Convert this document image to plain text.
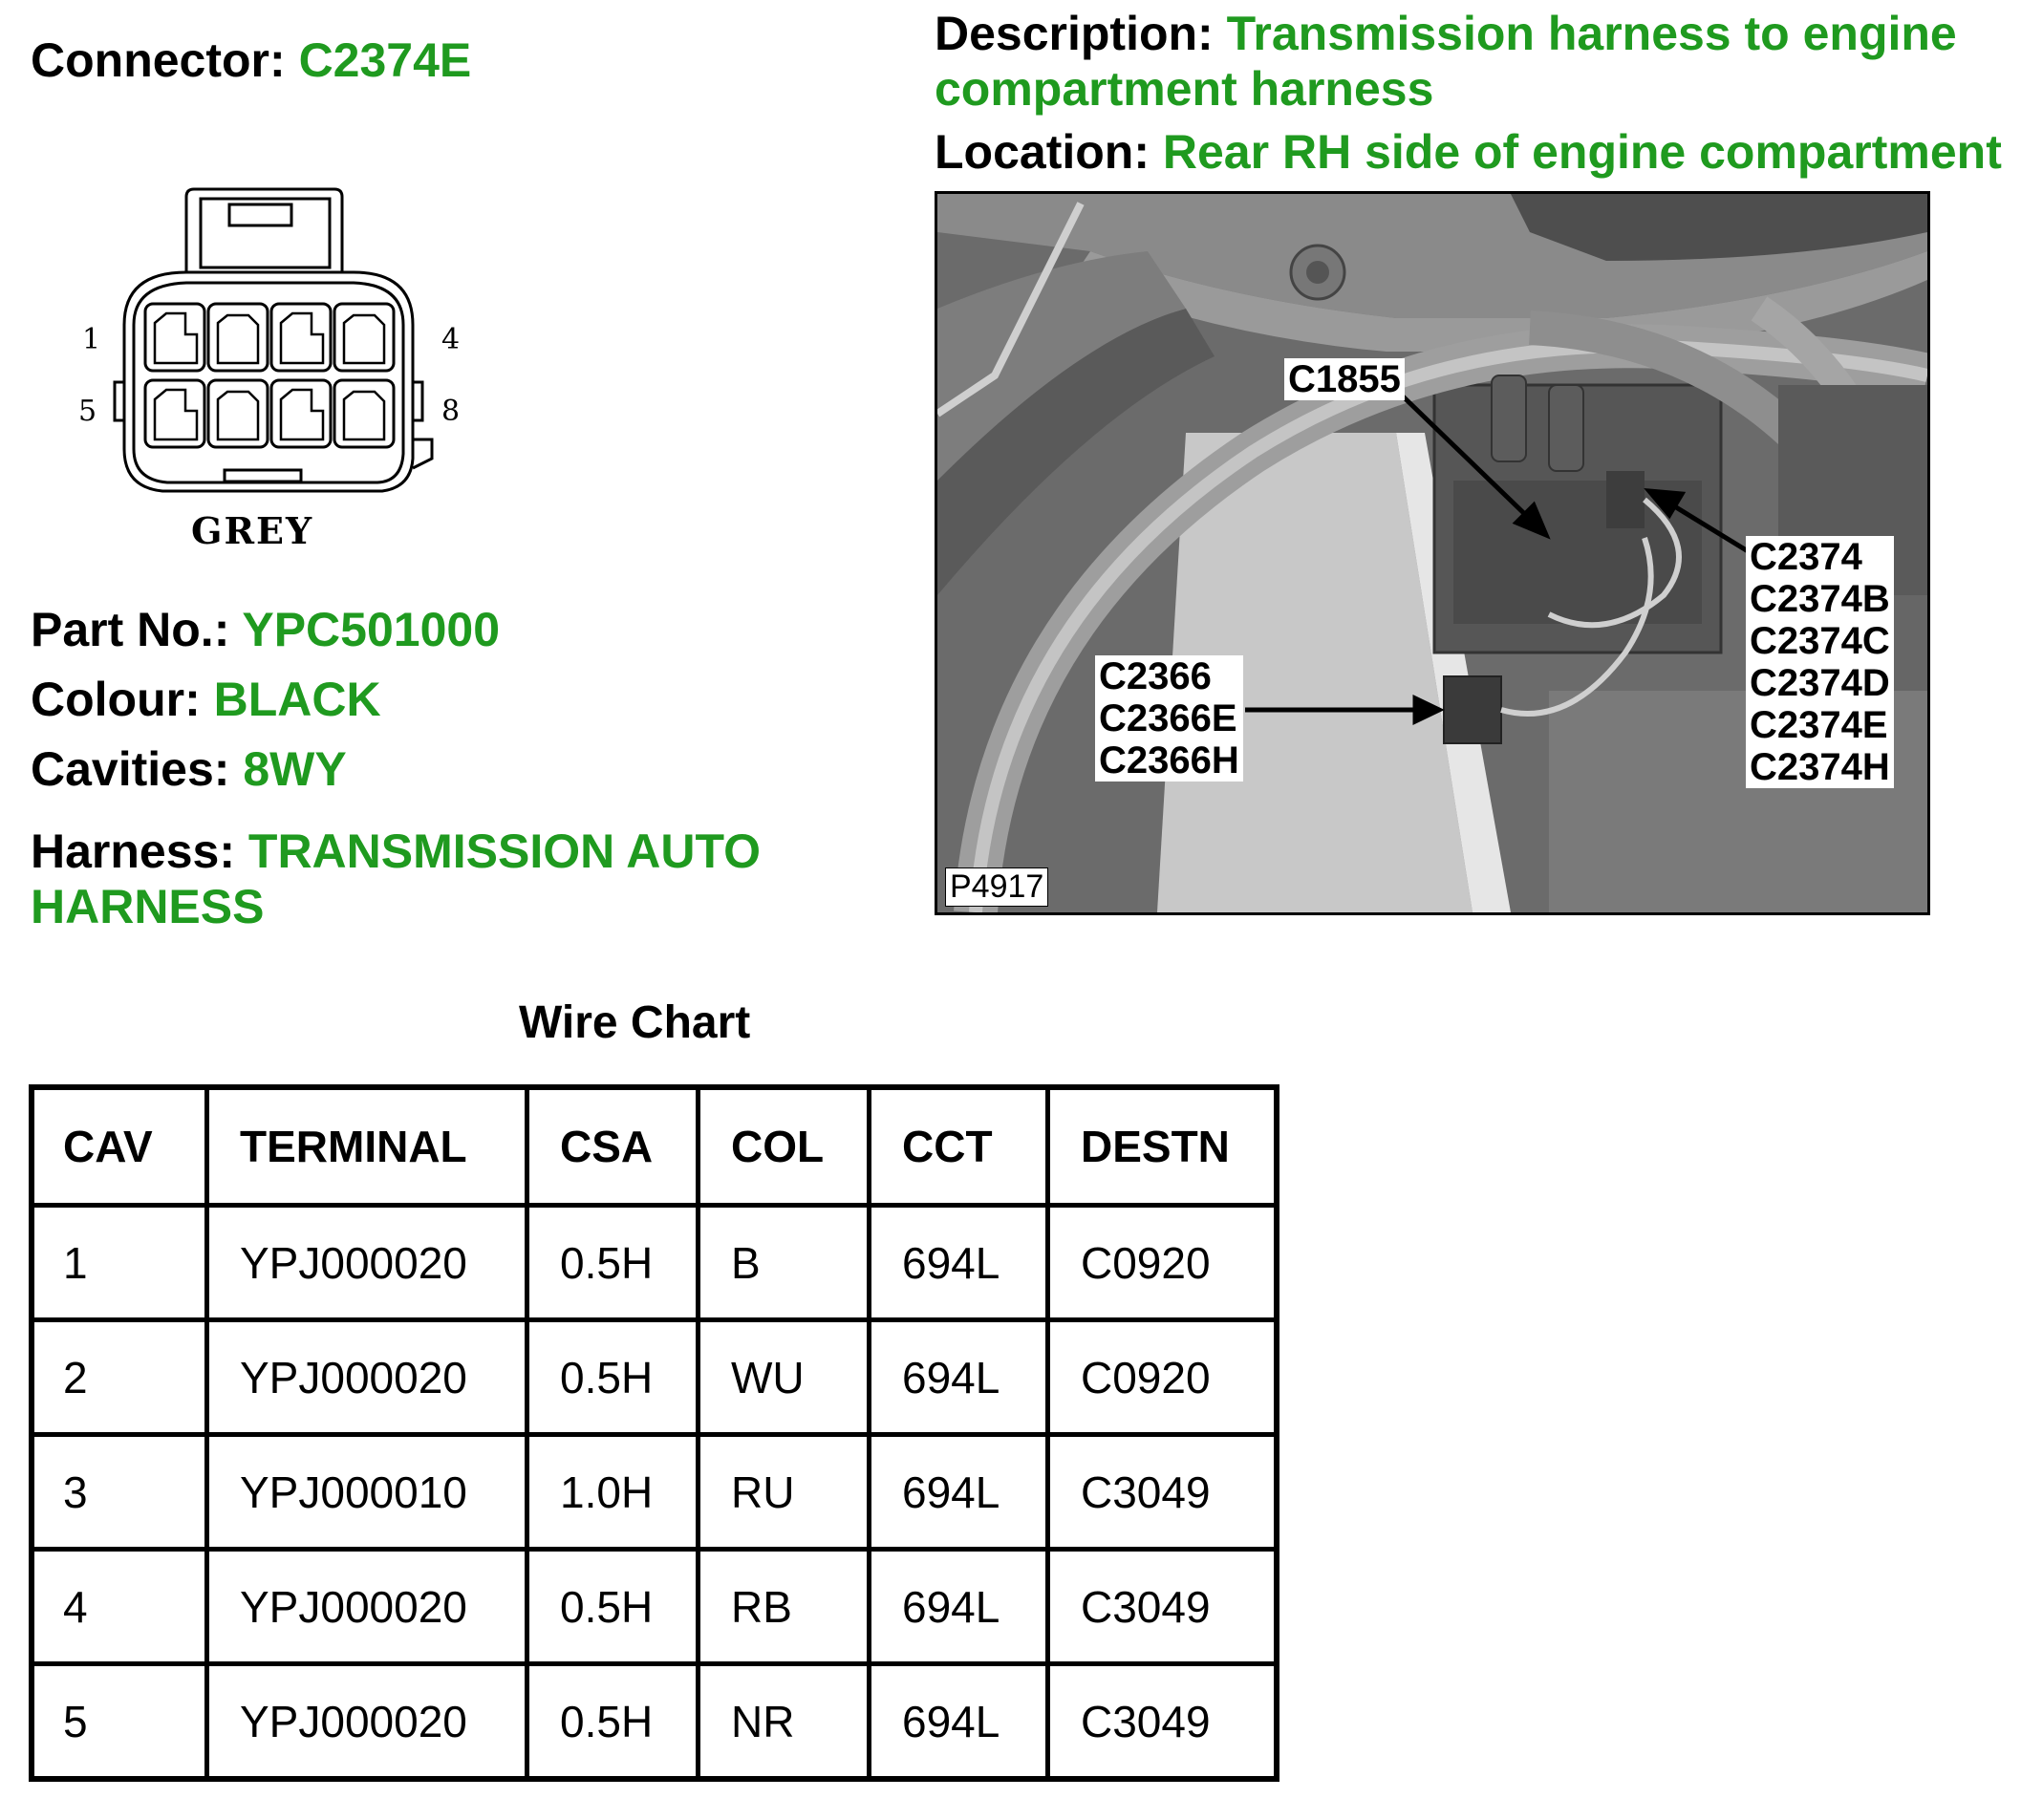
Connector: C2374E	Description: Transmission harness to engine compartment harness
Location: Rear RH side of engine compartment
1	4
5	8
GREY
Part No.: YPC501000
Colour: BLACK
Cavities: 8WY
Harness: TRANSMISSION AUTO HARNESS
C1855
C2374
C2374B
C2374C
C2374D
C2374E
C2374H
C2366
C2366E
C2366H
P4917
Wire Chart
CAV	TERMINAL	CSA	COL	CCT	DESTN
1	YPJ000020	0.5H	B	694L	C0920
2	YPJ000020	0.5H	WU	694L	C0920
3	YPJ000010	1.0H	RU	694L	C3049
4	YPJ000020	0.5H	RB	694L	C3049
5	YPJ000020	0.5H	NR	694L	C3049
